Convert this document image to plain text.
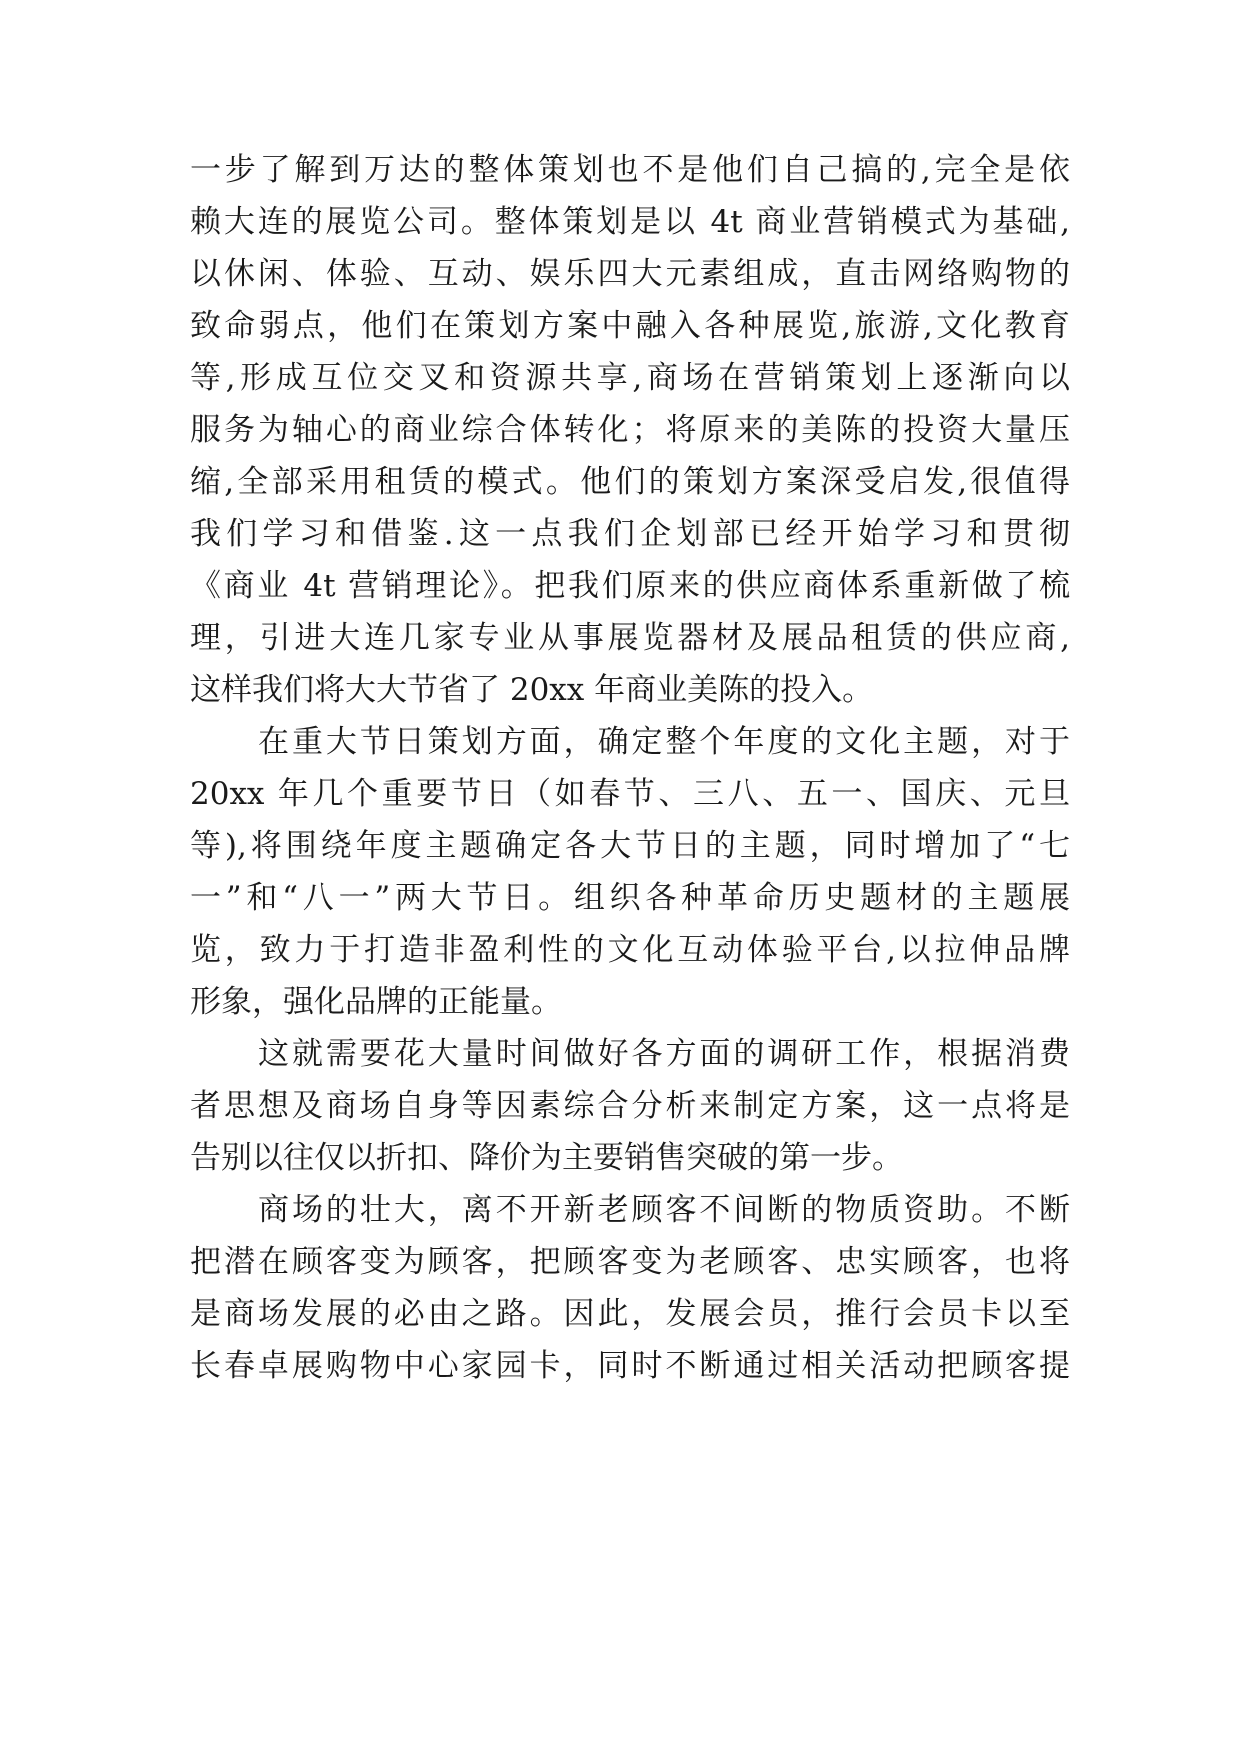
一步了解到万达的整体策划也不是他们自己搞的,完全是依
赖大连的展览公司。整体策划是以 4t 商业营销模式为基础,
以休闲、体验、互动、娱乐四大元素组成，直击网络购物的
致命弱点，他们在策划方案中融入各种展览,旅游,文化教育
等,形成互位交叉和资源共享,商场在营销策划上逐渐向以
服务为轴心的商业综合体转化；将原来的美陈的投资大量压
缩,全部采用租赁的模式。他们的策划方案深受启发,很值得
我们学习和借鉴.这一点我们企划部已经开始学习和贯彻
《商业 4t 营销理论》。把我们原来的供应商体系重新做了梳
理，引进大连几家专业从事展览器材及展品租赁的供应商,
这样我们将大大节省了 20xx 年商业美陈的投入。
在重大节日策划方面，确定整个年度的文化主题，对于
20xx 年几个重要节日（如春节、三八、五一、国庆、元旦
等),将围绕年度主题确定各大节日的主题，同时增加了“七
一”和“八一”两大节日。组织各种革命历史题材的主题展
览，致力于打造非盈利性的文化互动体验平台,以拉伸品牌
形象，强化品牌的正能量。
这就需要花大量时间做好各方面的调研工作，根据消费
者思想及商场自身等因素综合分析来制定方案，这一点将是
告别以往仅以折扣、降价为主要销售突破的第一步。
商场的壮大，离不开新老顾客不间断的物质资助。不断
把潜在顾客变为顾客，把顾客变为老顾客、忠实顾客，也将
是商场发展的必由之路。因此，发展会员，推行会员卡以至
长春卓展购物中心家园卡，同时不断通过相关活动把顾客提
